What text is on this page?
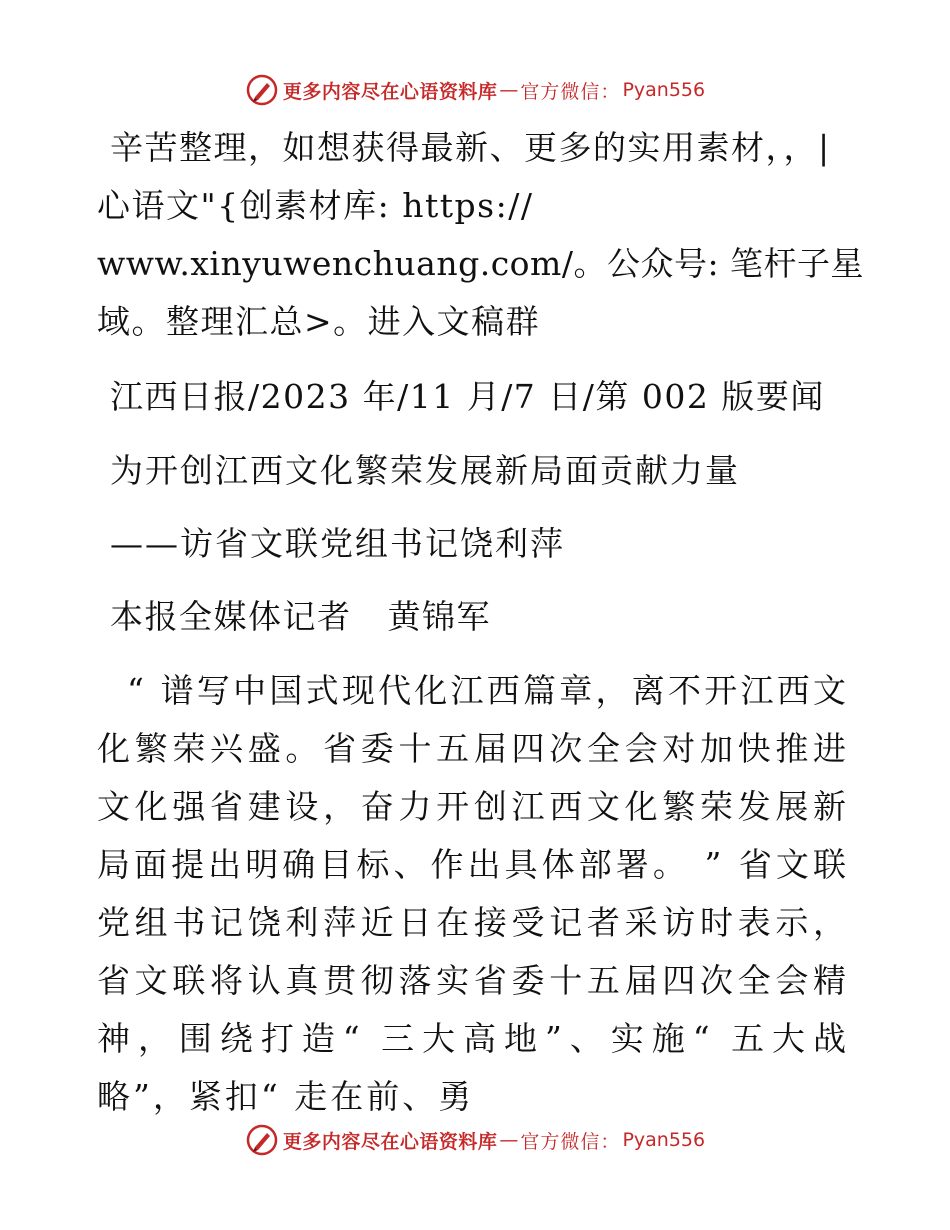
更多内容尽在心语资料库 — 官方微信： Pyan556
辛苦整理，如想获得最新、更多的实用素材，，|
心语文"{创素材库: https://
www.xinyuwenchuang.com/。公众号: 笔杆子星
域。整理汇总>。进入文稿群
江西日报/2023 年/11 月/7 日/第 002 版要闻
为开创江西文化繁荣发展新局面贡献力量
——访省文联党组书记饶利萍
本报全媒体记者   黄锦军
“ 谱写中国式现代化江西篇章，离不开江西文化繁荣兴盛。省委十五届四次全会对加快推进文化强省建设，奋力开创江西文化繁荣发展新局面提出明确目标、作出具体部署。 ” 省文联党组书记饶利萍近日在接受记者采访时表示，省文联将认真贯彻落实省委十五届四次全会精神，围绕打造“ 三大高地”、实施“ 五大战略”，紧扣“ 走在前、勇
更多内容尽在心语资料库 — 官方微信： Pyan556
